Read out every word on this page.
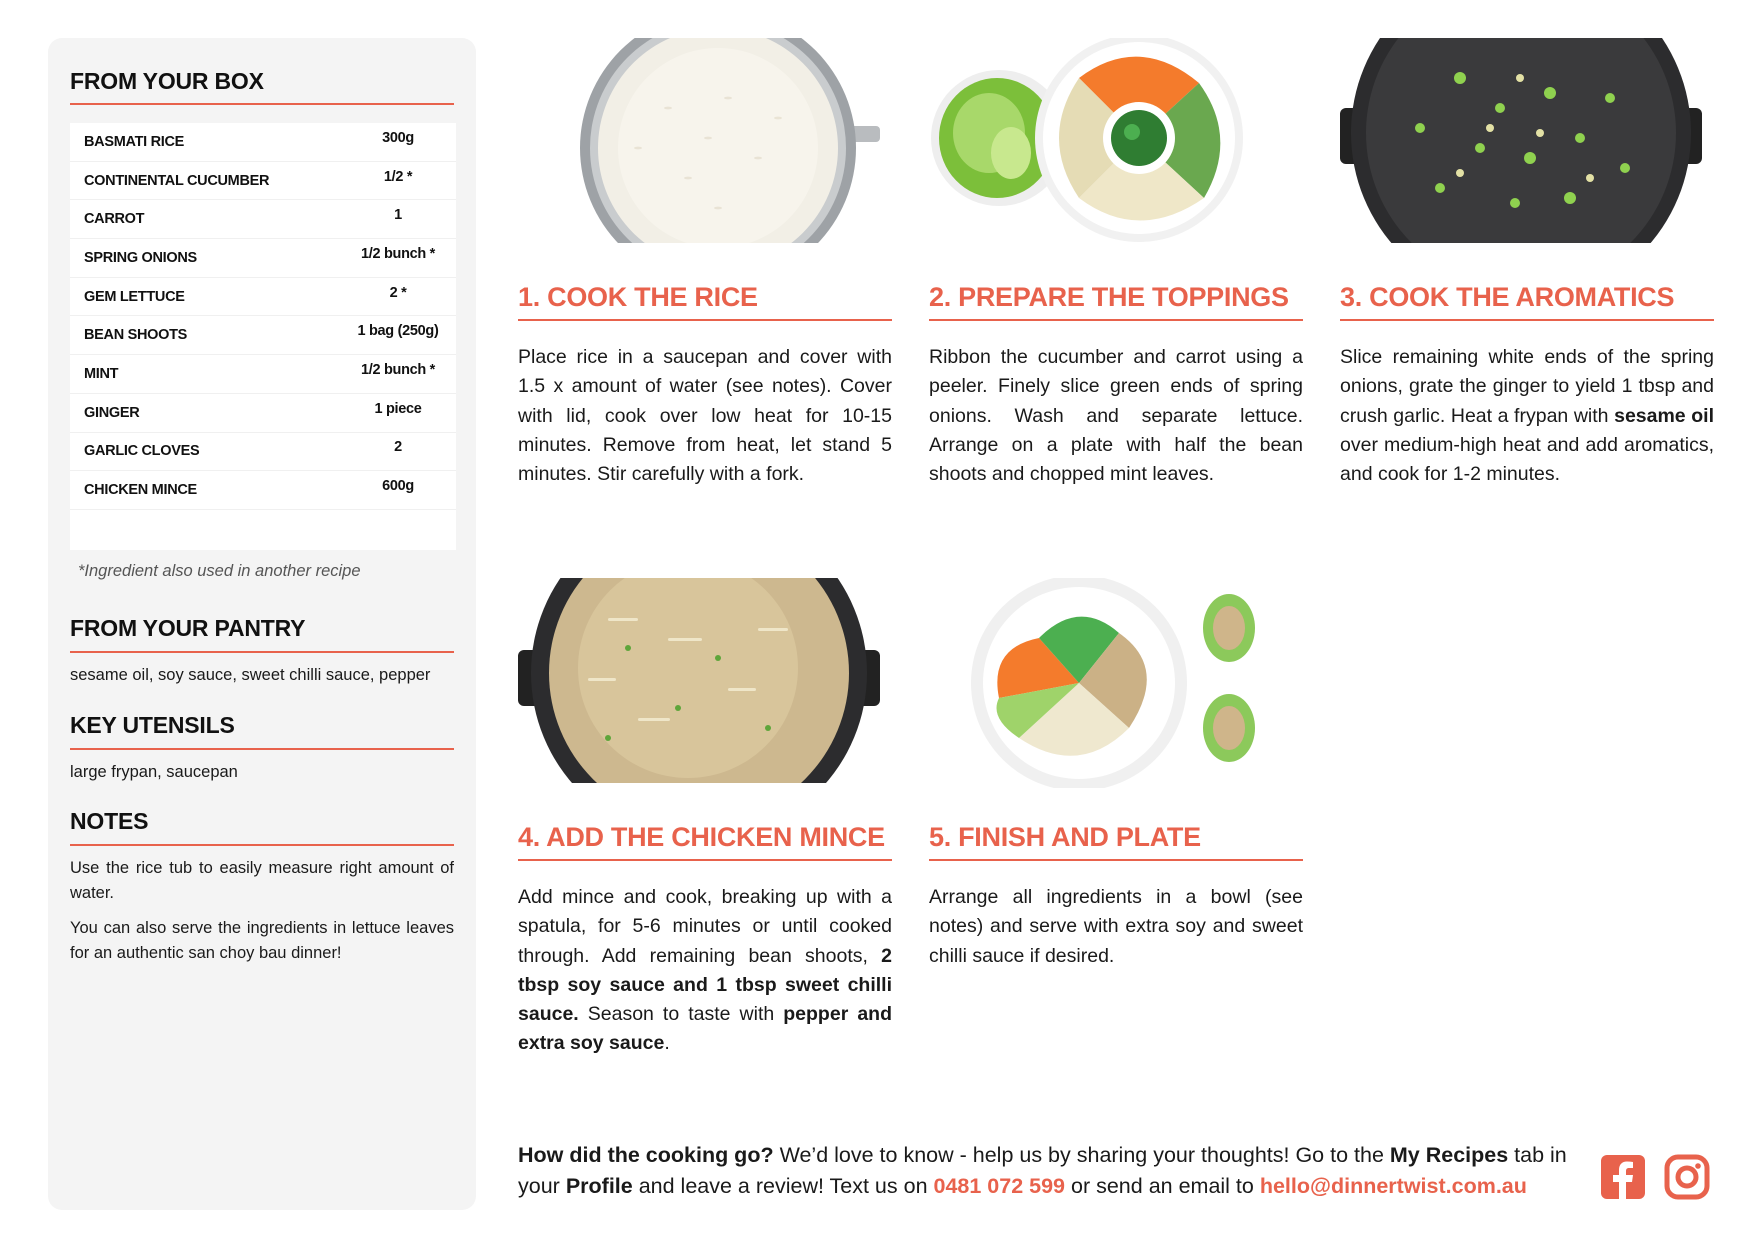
FROM YOUR BOX
BASMATI RICE	300g
CONTINENTAL CUCUMBER	1/2 *
CARROT	1
SPRING ONIONS	1/2 bunch *
GEM LETTUCE	2 *
BEAN SHOOTS	1 bag (250g)
MINT	1/2 bunch *
GINGER	1 piece
GARLIC CLOVES	2
CHICKEN MINCE	600g
*Ingredient also used in another recipe
FROM YOUR PANTRY
sesame oil, soy sauce, sweet chilli sauce, pepper
KEY UTENSILS
large frypan, saucepan
NOTES

Use the rice tub to easily measure right amount of water.

You can also serve the ingredients in lettuce leaves for an authentic san choy bau dinner!

1. COOK THE RICE

Place rice in a saucepan and cover with 1.5 x amount of water (see notes). Cover with lid, cook over low heat for 10-15 minutes. Remove from heat, let stand 5 minutes. Stir carefully with a fork.

2. PREPARE THE TOPPINGS

Ribbon the cucumber and carrot using a peeler. Finely slice green ends of spring onions. Wash and separate lettuce. Arrange on a plate with half the bean shoots and chopped mint leaves.

3. COOK THE AROMATICS

Slice remaining white ends of the spring onions, grate the ginger to yield 1 tbsp and crush garlic. Heat a frypan with sesame oil over medium-high heat and add aromatics, and cook for 1-2 minutes.

4. ADD THE CHICKEN MINCE

Add mince and cook, breaking up with a spatula, for 5-6 minutes or until cooked through. Add remaining bean shoots, 2 tbsp soy sauce and 1 tbsp sweet chilli sauce. Season to taste with pepper and extra soy sauce.

5. FINISH AND PLATE

Arrange all ingredients in a bowl (see notes) and serve with extra soy and sweet chilli sauce if desired.

How did the cooking go? We’d love to know - help us by sharing your thoughts! Go to the My Recipes tab in your Profile and leave a review! Text us on 0481 072 599 or send an email to hello@dinnertwist.com.au
